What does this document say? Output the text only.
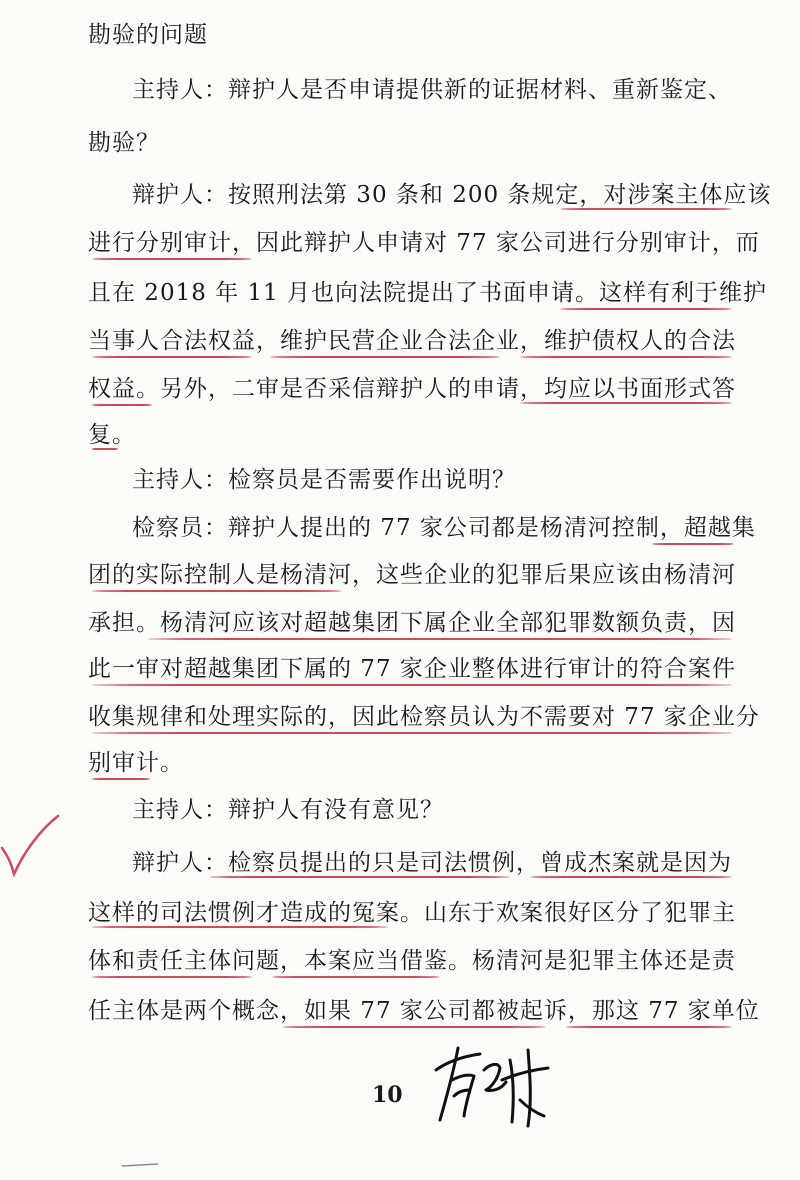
勘验的问题
主持人：辩护人是否申请提供新的证据材料、重新鉴定、
勘验？
辩护人：按照刑法第 30 条和 200 条规定，对涉案主体应该
进行分别审计，因此辩护人申请对 77 家公司进行分别审计，而
且在 2018 年 11 月也向法院提出了书面申请。这样有利于维护
当事人合法权益，维护民营企业合法企业，维护债权人的合法
权益。另外，二审是否采信辩护人的申请，均应以书面形式答
复。
主持人：检察员是否需要作出说明？
检察员：辩护人提出的 77 家公司都是杨清河控制，超越集
团的实际控制人是杨清河，这些企业的犯罪后果应该由杨清河
承担。杨清河应该对超越集团下属企业全部犯罪数额负责，因
此一审对超越集团下属的 77 家企业整体进行审计的符合案件
收集规律和处理实际的，因此检察员认为不需要对 77 家企业分
别审计。
主持人：辩护人有没有意见？
辩护人：检察员提出的只是司法惯例，曾成杰案就是因为
这样的司法惯例才造成的冤案。山东于欢案很好区分了犯罪主
体和责任主体问题，本案应当借鉴。杨清河是犯罪主体还是责
任主体是两个概念，如果 77 家公司都被起诉，那这 77 家单位
10
